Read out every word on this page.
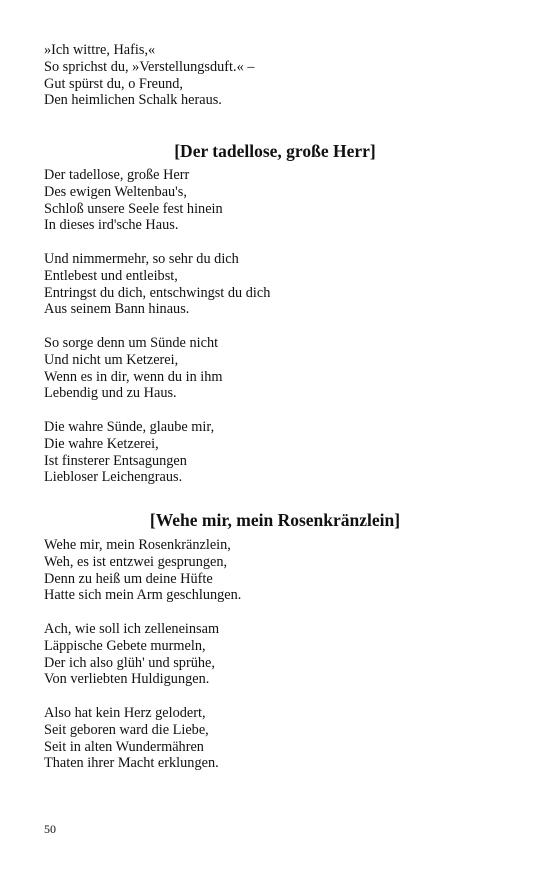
»Ich wittre, Hafis,«
So sprichst du, »Verstellungsduft.« –
Gut spürst du, o Freund,
Den heimlichen Schalk heraus.
[Der tadellose, große Herr]
Der tadellose, große Herr
Des ewigen Weltenbau's,
Schloß unsere Seele fest hinein
In dieses ird'sche Haus.
Und nimmermehr, so sehr du dich
Entlebest und entleibst,
Entringst du dich, entschwingst du dich
Aus seinem Bann hinaus.
So sorge denn um Sünde nicht
Und nicht um Ketzerei,
Wenn es in dir, wenn du in ihm
Lebendig und zu Haus.
Die wahre Sünde, glaube mir,
Die wahre Ketzerei,
Ist finsterer Entsagungen
Liebloser Leichengraus.
[Wehe mir, mein Rosenkränzlein]
Wehe mir, mein Rosenkränzlein,
Weh, es ist entzwei gesprungen,
Denn zu heiß um deine Hüfte
Hatte sich mein Arm geschlungen.
Ach, wie soll ich zelleneinsam
Läppische Gebete murmeln,
Der ich also glüh' und sprühe,
Von verliebten Huldigungen.
Also hat kein Herz gelodert,
Seit geboren ward die Liebe,
Seit in alten Wundermähren
Thaten ihrer Macht erklungen.
50
